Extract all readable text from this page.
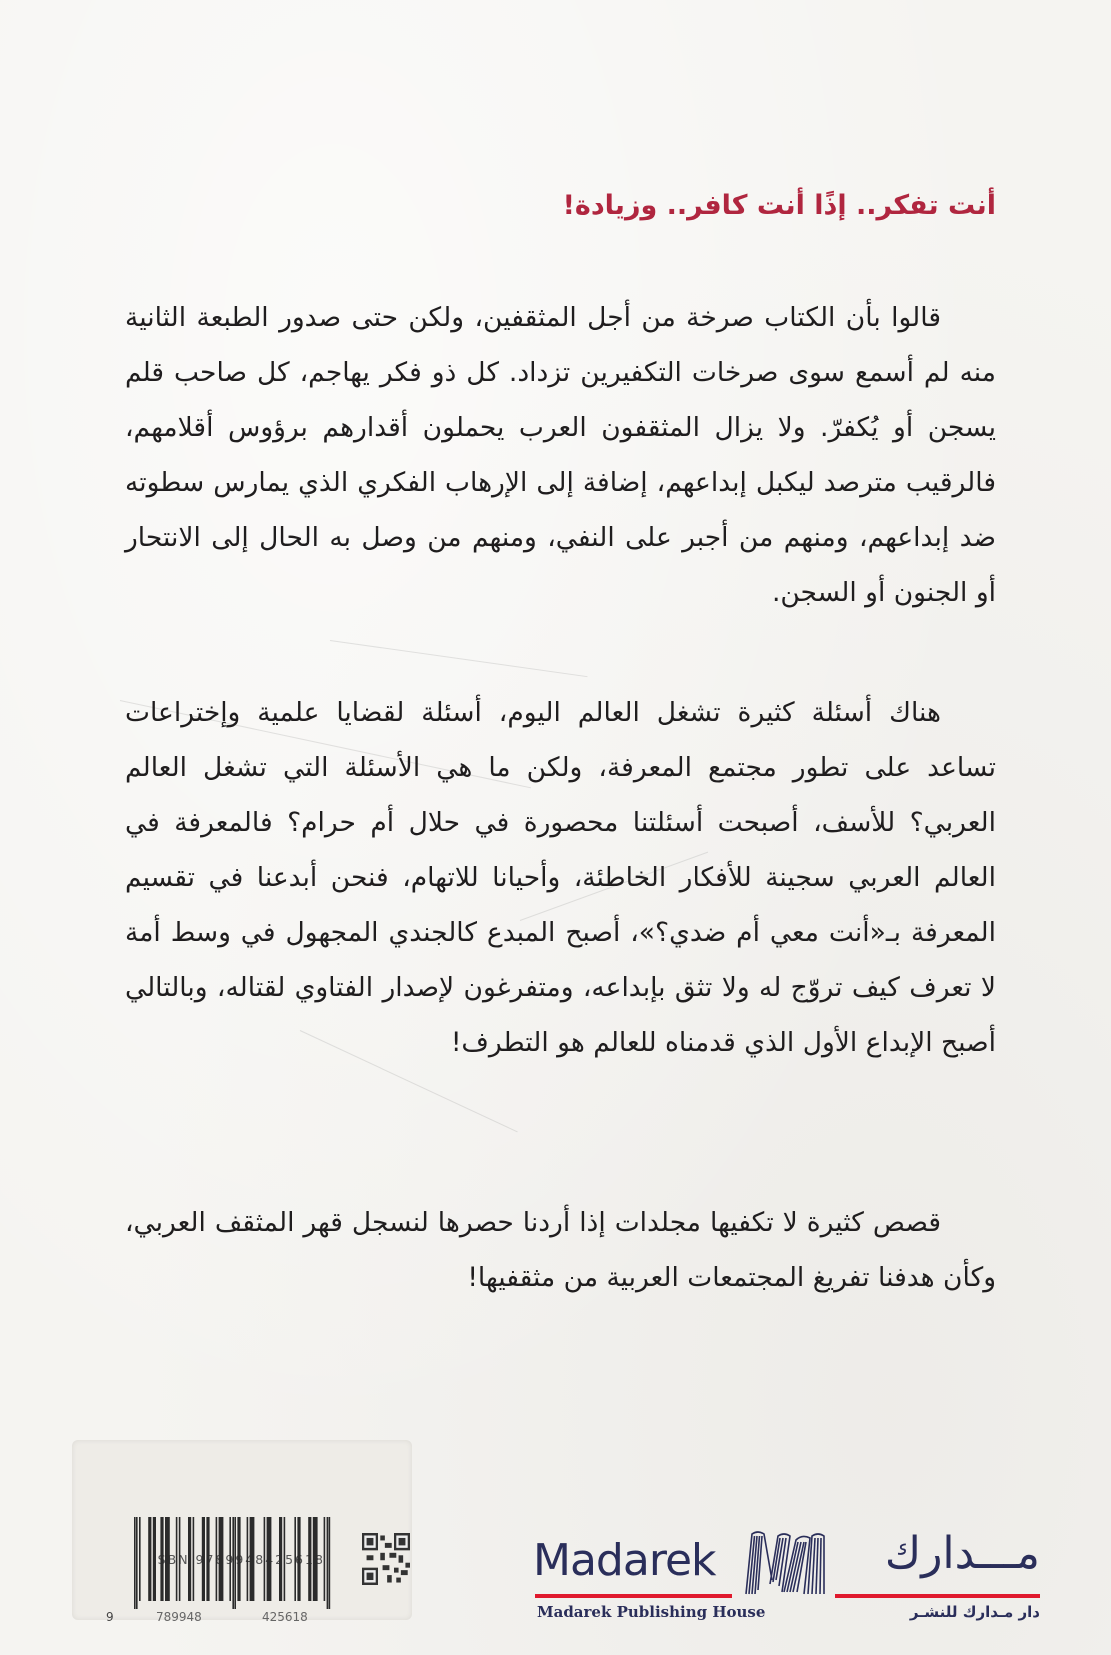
أنت تفكر.. إذًا أنت كافر.. وزيادة!

قالوا بأن الكتاب صرخة من أجل المثقفين، ولكن حتى صدور الطبعة الثانية منه لم أسمع سوى صرخات التكفيرين تزداد. كل ذو فكر يهاجم، كل صاحب قلم يسجن أو يُكفرّ. ولا يزال المثقفون العرب يحملون أقدارهم برؤوس أقلامهم، فالرقيب مترصد ليكبل إبداعهم، إضافة إلى الإرهاب الفكري الذي يمارس سطوته ضد إبداعهم، ومنهم من أجبر على النفي، ومنهم من وصل به الحال إلى الانتحار أو الجنون أو السجن.

هناك أسئلة كثيرة تشغل العالم اليوم، أسئلة لقضايا علمية وإختراعات تساعد على تطور مجتمع المعرفة، ولكن ما هي الأسئلة التي تشغل العالم العربي؟ للأسف، أصبحت أسئلتنا محصورة في حلال أم حرام؟ فالمعرفة في العالم العربي سجينة للأفكار الخاطئة، وأحيانا للاتهام، فنحن أبدعنا في تقسيم المعرفة بـ«أنت معي أم ضدي؟»، أصبح المبدع كالجندي المجهول في وسط أمة لا تعرف كيف تروّج له ولا تثق بإبداعه، ومتفرغون لإصدار الفتاوي لقتاله، وبالتالي أصبح الإبداع الأول الذي قدمناه للعالم هو التطرف!

قصص كثيرة لا تكفيها مجلدات إذا أردنا حصرها لنسجل قهر المثقف العربي، وكأن هدفنا تفريغ المجتمعات العربية من مثقفيها!

ISBN 9789948425618
9	789948	425618
Madarek	مـــدارك
Madarek Publishing House	دار مـدارك للنشـر
